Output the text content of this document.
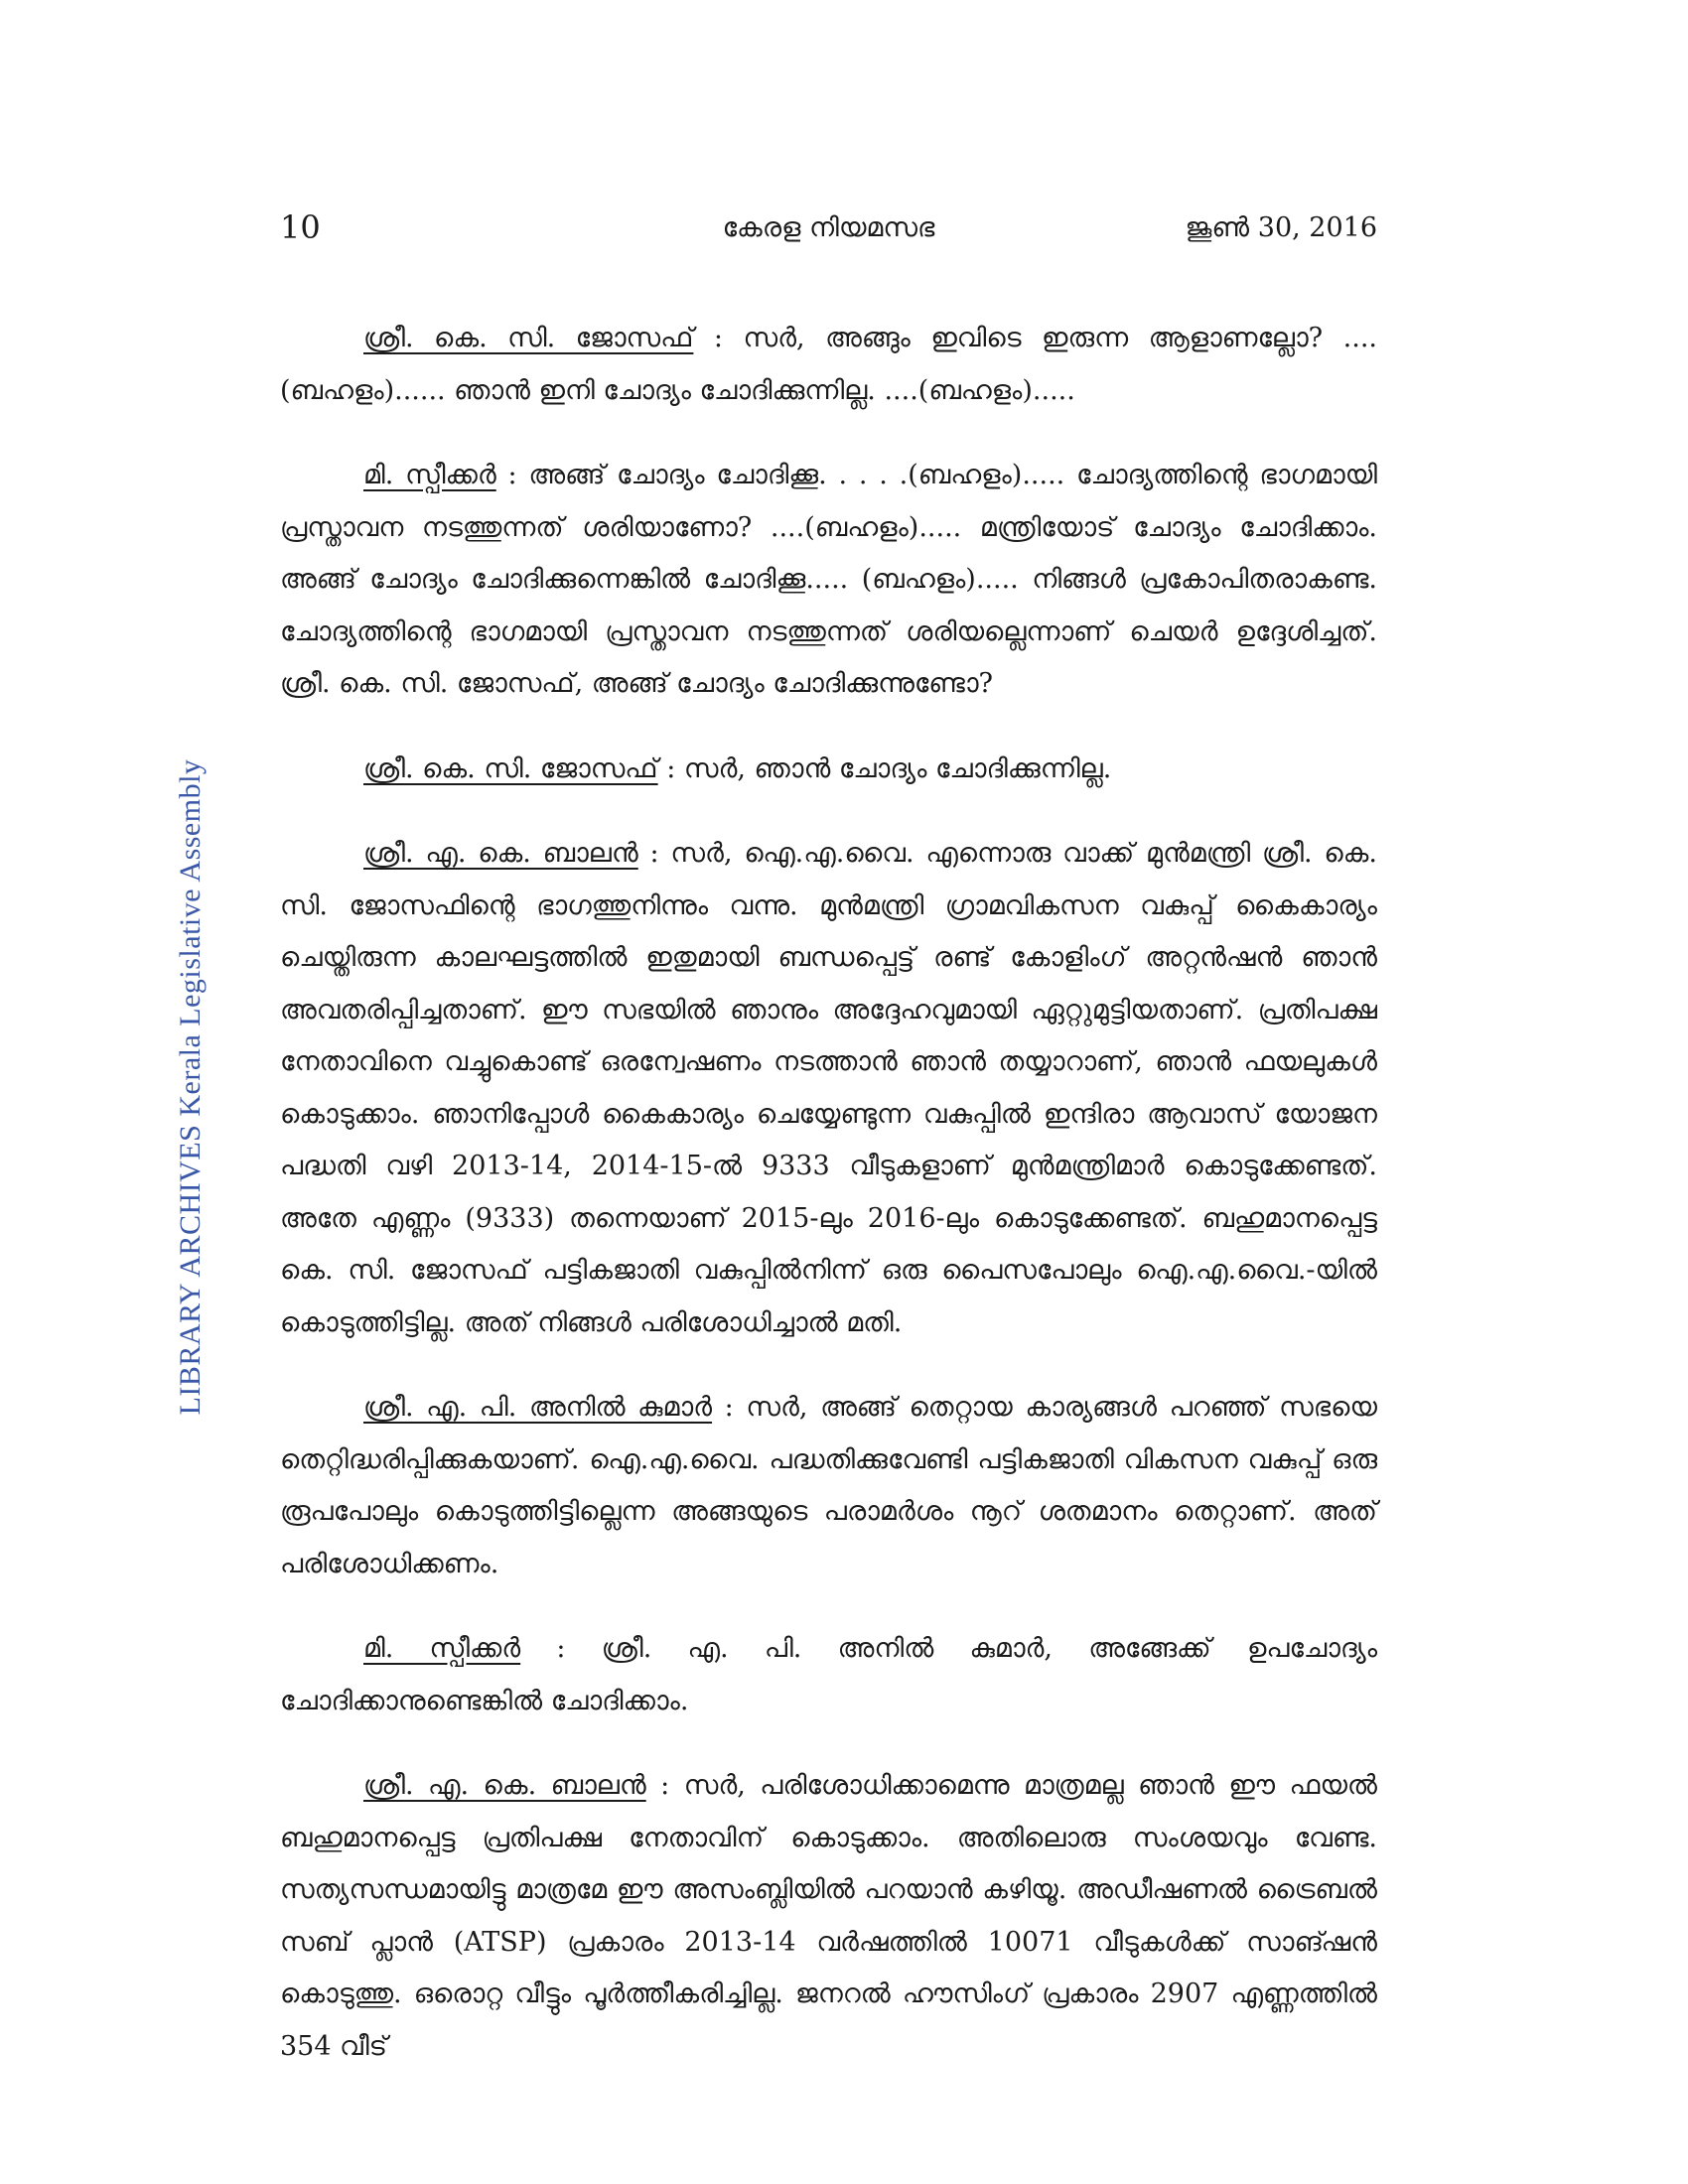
10	കേരള നിയമസഭ	ജൂൺ 30, 2016
LIBRARY ARCHIVES Kerala Legislative Assembly

ശ്രീ. കെ. സി. ജോസഫ് : സർ, അങ്ങും ഇവിടെ ഇരുന്ന ആളാണല്ലോ? ....(ബഹളം)...... ഞാൻ ഇനി ചോദ്യം ചോദിക്കുന്നില്ല. ....(ബഹളം).....

മി. സ്പീക്കർ : അങ്ങ് ചോദ്യം ചോദിക്കൂ. . . . .(ബഹളം)..... ചോദ്യത്തിന്റെ ഭാഗമായി പ്രസ്താവന നടത്തുന്നത് ശരിയാണോ? ....(ബഹളം)..... മന്ത്രിയോട് ചോദ്യം ചോദിക്കാം. അങ്ങ് ചോദ്യം ചോദിക്കുന്നെങ്കിൽ ചോദിക്കൂ..... (ബഹളം)..... നിങ്ങൾ പ്രകോപിതരാകണ്ട. ചോദ്യത്തിന്റെ ഭാഗമായി പ്രസ്താവന നടത്തുന്നത് ശരിയല്ലെന്നാണ് ചെയർ ഉദ്ദേശിച്ചത്. ശ്രീ. കെ. സി. ജോസഫ്, അങ്ങ് ചോദ്യം ചോദിക്കുന്നുണ്ടോ?

ശ്രീ. കെ. സി. ജോസഫ് : സർ, ഞാൻ ചോദ്യം ചോദിക്കുന്നില്ല.

ശ്രീ. എ. കെ. ബാലൻ : സർ, ഐ.എ.വൈ. എന്നൊരു വാക്ക് മുൻമന്ത്രി ശ്രീ. കെ. സി. ജോസഫിന്റെ ഭാഗത്തുനിന്നും വന്നു. മുൻമന്ത്രി ഗ്രാമവികസന വകുപ്പ് കൈകാര്യം ചെയ്തിരുന്ന കാലഘട്ടത്തിൽ ഇതുമായി ബന്ധപ്പെട്ട് രണ്ട് കോളിംഗ് അറ്റൻഷൻ ഞാൻ അവതരിപ്പിച്ചതാണ്. ഈ സഭയിൽ ഞാനും അദ്ദേഹവുമായി ഏറ്റുമുട്ടിയതാണ്. പ്രതിപക്ഷ നേതാവിനെ വച്ചുകൊണ്ട് ഒരന്വേഷണം നടത്താൻ ഞാൻ തയ്യാറാണ്, ഞാൻ ഫയലുകൾ കൊടുക്കാം. ഞാനിപ്പോൾ കൈകാര്യം ചെയ്യേണ്ടുന്ന വകുപ്പിൽ ഇന്ദിരാ ആവാസ് യോജന പദ്ധതി വഴി 2013-14, 2014-15-ൽ 9333 വീടുകളാണ് മുൻമന്ത്രിമാർ കൊടുക്കേണ്ടത്. അതേ എണ്ണം (9333) തന്നെയാണ് 2015-ലും 2016-ലും കൊടുക്കേണ്ടത്. ബഹുമാനപ്പെട്ട കെ. സി. ജോസഫ് പട്ടികജാതി വകുപ്പിൽനിന്ന് ഒരു പൈസപോലും ഐ.എ.വൈ.-യിൽ കൊടുത്തിട്ടില്ല. അത് നിങ്ങൾ പരിശോധിച്ചാൽ മതി.

ശ്രീ. എ. പി. അനിൽ കുമാർ : സർ, അങ്ങ് തെറ്റായ കാര്യങ്ങൾ പറഞ്ഞ് സഭയെ തെറ്റിദ്ധരിപ്പിക്കുകയാണ്. ഐ.എ.വൈ. പദ്ധതിക്കുവേണ്ടി പട്ടികജാതി വികസന വകുപ്പ് ഒരു രൂപപോലും കൊടുത്തിട്ടില്ലെന്ന അങ്ങയുടെ പരാമർശം നൂറ് ശതമാനം തെറ്റാണ്. അത് പരിശോധിക്കണം.

മി. സ്പീക്കർ : ശ്രീ. എ. പി. അനിൽ കുമാർ, അങ്ങേക്ക് ഉപചോദ്യം ചോദിക്കാനുണ്ടെങ്കിൽ ചോദിക്കാം.

ശ്രീ. എ. കെ. ബാലൻ : സർ, പരിശോധിക്കാമെന്നു മാത്രമല്ല ഞാൻ ഈ ഫയൽ ബഹുമാനപ്പെട്ട പ്രതിപക്ഷ നേതാവിന് കൊടുക്കാം. അതിലൊരു സംശയവും വേണ്ട. സത്യസന്ധമായിട്ടു മാത്രമേ ഈ അസംബ്ലിയിൽ പറയാൻ കഴിയൂ. അഡീഷണൽ ട്രൈബൽ സബ് പ്ലാൻ (ATSP) പ്രകാരം 2013-14 വർഷത്തിൽ 10071 വീടുകൾക്ക് സാങ്ഷൻ കൊടുത്തു. ഒരൊറ്റ വീട്ടും പൂർത്തീകരിച്ചില്ല. ജനറൽ ഹൗസിംഗ് പ്രകാരം 2907 എണ്ണത്തിൽ 354 വീട്
